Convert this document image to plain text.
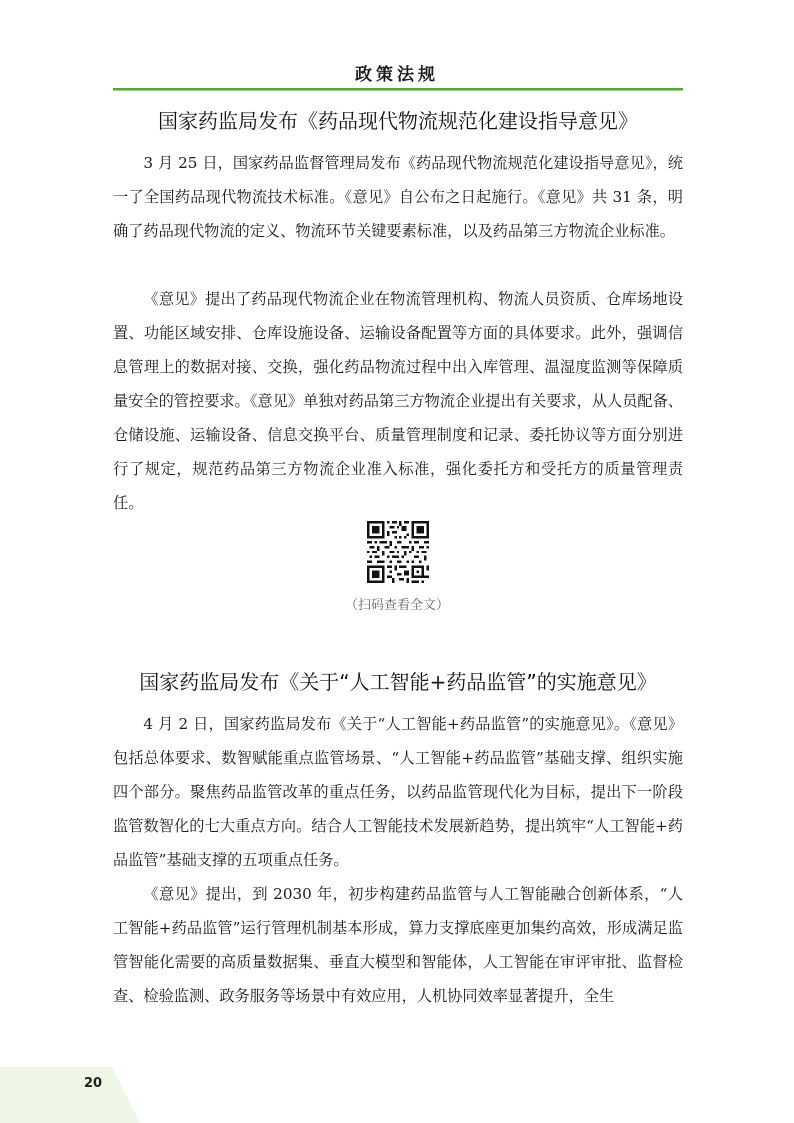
政策法规
国家药监局发布《药品现代物流规范化建设指导意见》

3 月 25 日，国家药品监督管理局发布《药品现代物流规范化建设指导意见》，统一了全国药品现代物流技术标准。《意见》自公布之日起施行。《意见》共 31 条，明确了药品现代物流的定义、物流环节关键要素标准，以及药品第三方物流企业标准。

《意见》提出了药品现代物流企业在物流管理机构、物流人员资质、仓库场地设置、功能区域安排、仓库设施设备、运输设备配置等方面的具体要求。此外，强调信息管理上的数据对接、交换，强化药品物流过程中出入库管理、温湿度监测等保障质量安全的管控要求。《意见》单独对药品第三方物流企业提出有关要求，从人员配备、仓储设施、运输设备、信息交换平台、质量管理制度和记录、委托协议等方面分别进行了规定，规范药品第三方物流企业准入标准，强化委托方和受托方的质量管理责任。

（扫码查看全文）
国家药监局发布《关于“人工智能+药品监管”的实施意见》

4 月 2 日，国家药监局发布《关于“人工智能+药品监管”的实施意见》。《意见》包括总体要求、数智赋能重点监管场景、“人工智能+药品监管”基础支撑、组织实施四个部分。聚焦药品监管改革的重点任务，以药品监管现代化为目标，提出下一阶段监管数智化的七大重点方向。结合人工智能技术发展新趋势，提出筑牢“人工智能+药品监管”基础支撑的五项重点任务。

《意见》提出，到 2030 年，初步构建药品监管与人工智能融合创新体系，“人工智能+药品监管”运行管理机制基本形成，算力支撑底座更加集约高效，形成满足监管智能化需要的高质量数据集、垂直大模型和智能体，人工智能在审评审批、监督检查、检验监测、政务服务等场景中有效应用，人机协同效率显著提升，全生

20
